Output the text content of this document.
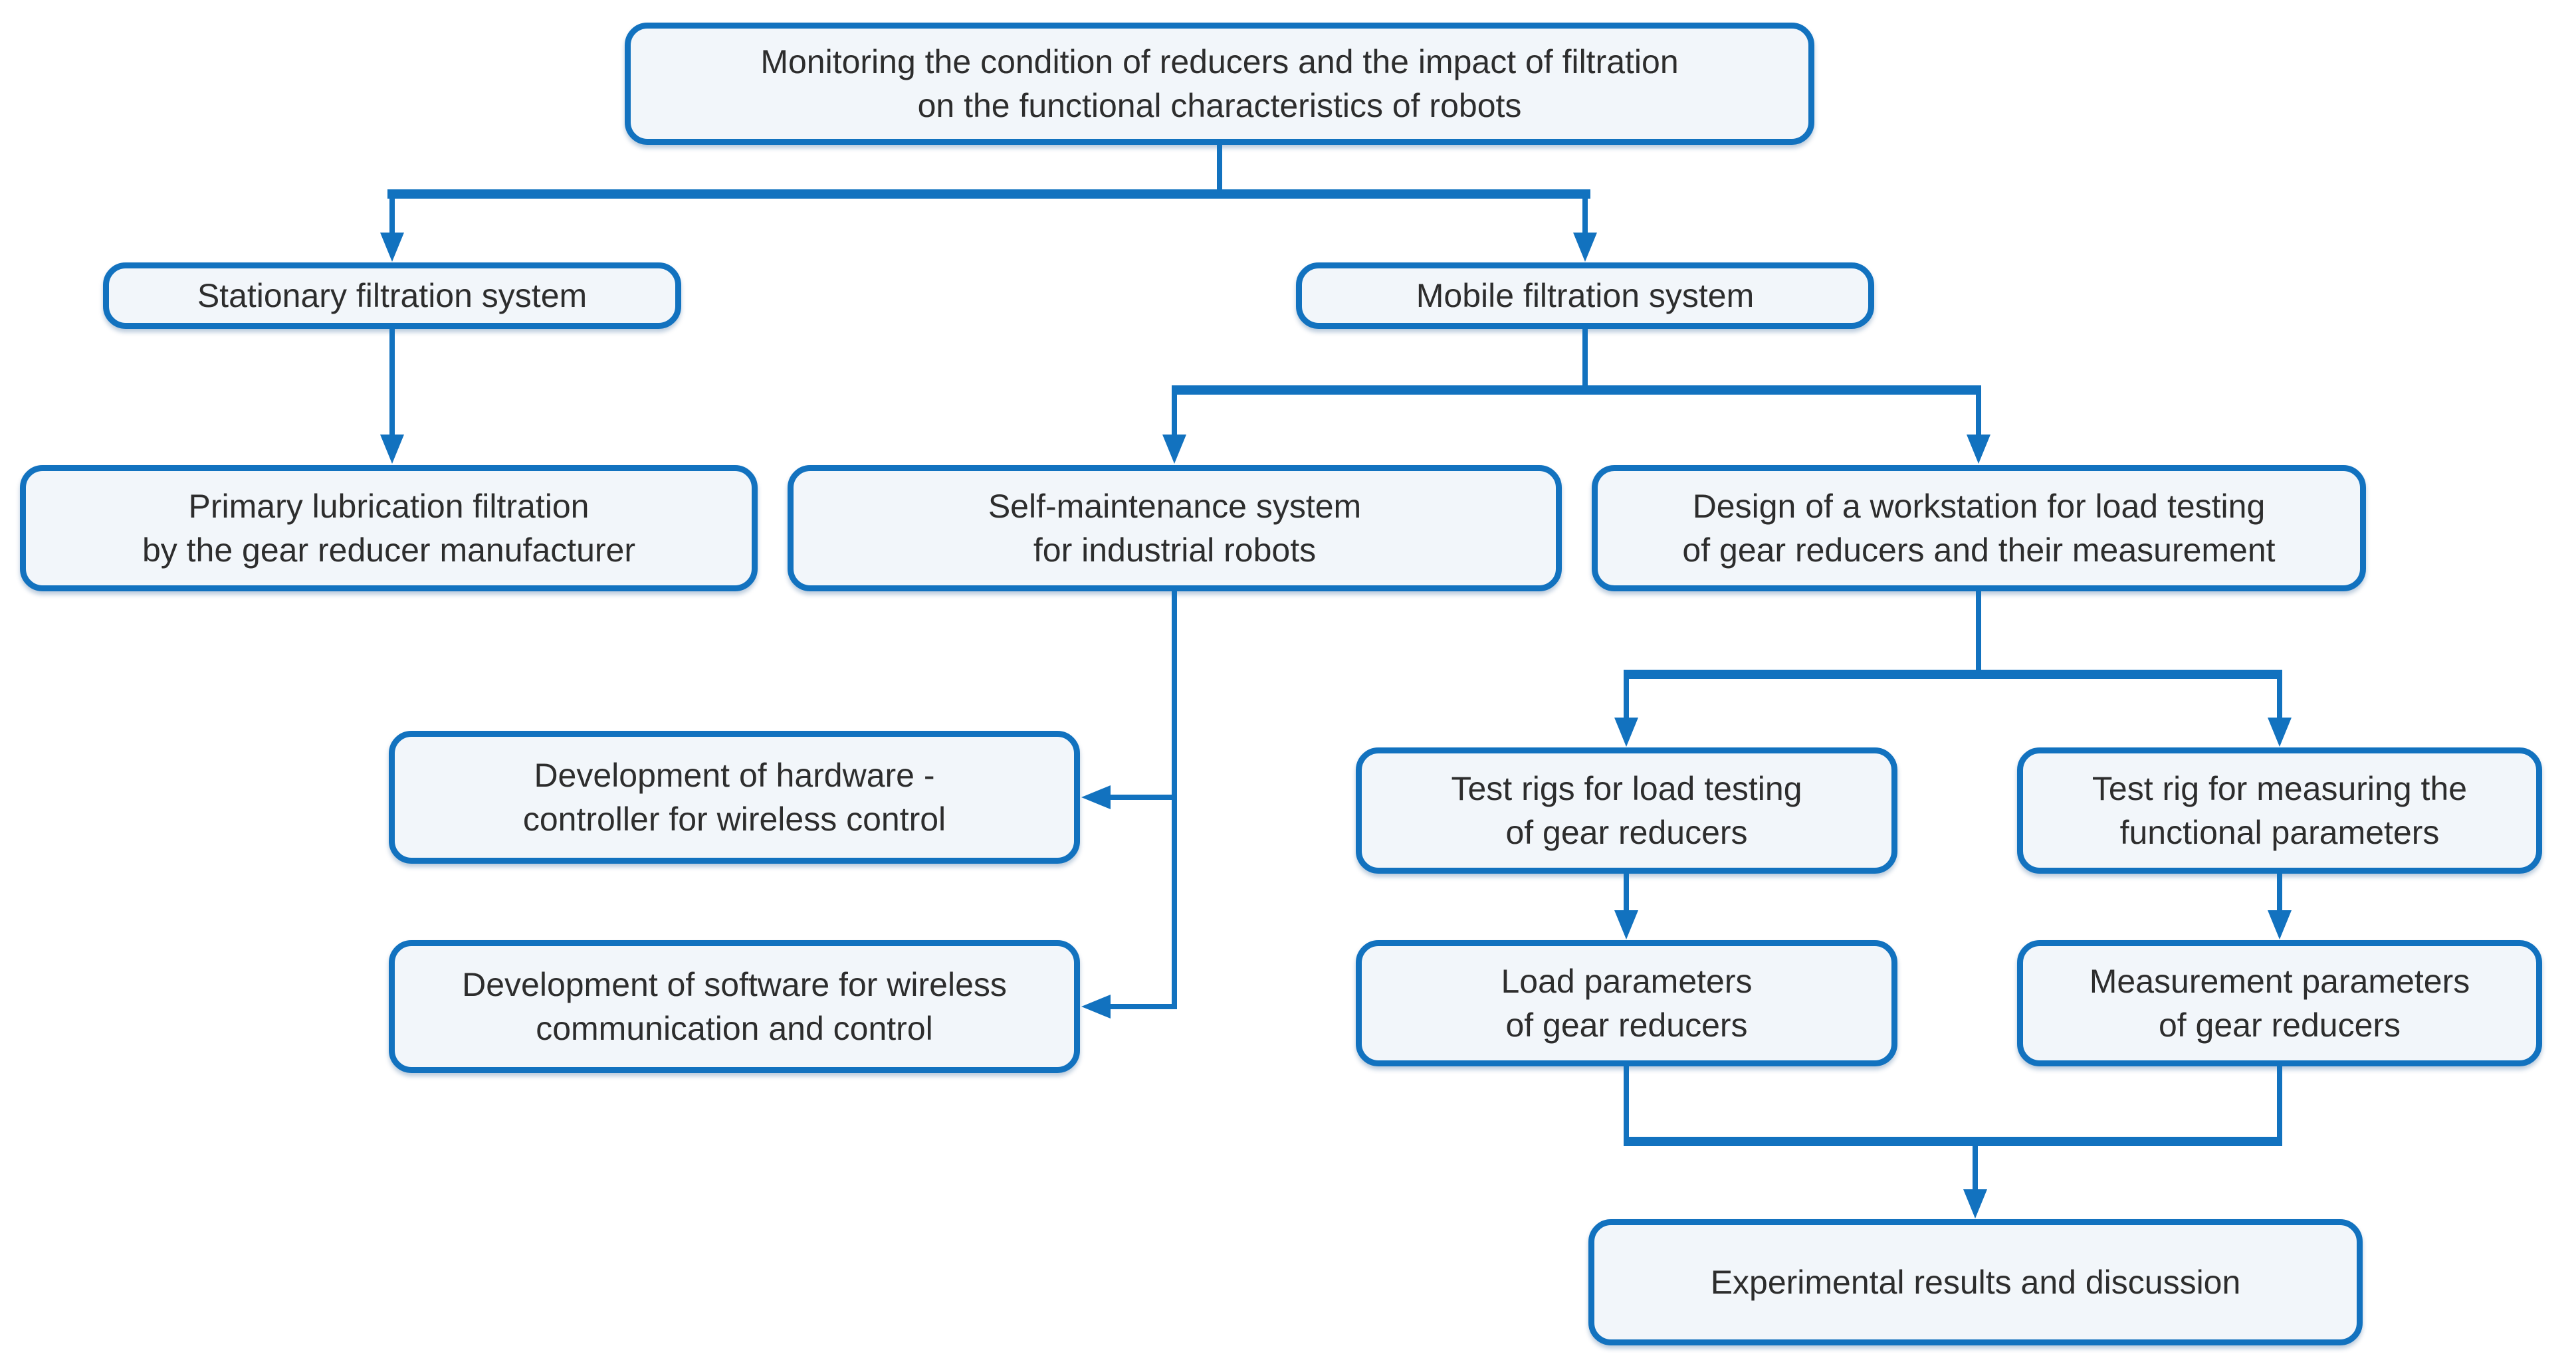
Monitoring the condition of reducers and the impact of filtration
on the functional characteristics of robots
Stationary filtration system	Mobile filtration system
Primary lubrication filtration
by the gear reducer manufacturer
Self-maintenance system
for industrial robots
Design of a workstation for load testing
of gear reducers and their measurement
Development of hardware -
controller for wireless control
Development of software for wireless
communication and control
Test rigs for load testing
of gear reducers
Test rig for measuring the
functional parameters
Load parameters
of gear reducers
Measurement parameters
of gear reducers
Experimental results and discussion
